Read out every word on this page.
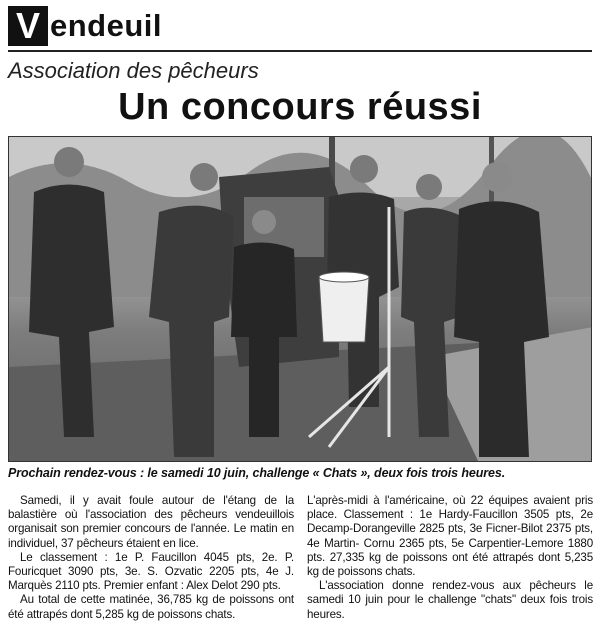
V endeuil
Association des pêcheurs
Un concours réussi
Prochain rendez-vous : le samedi 10 juin, challenge « Chats », deux fois trois heures.

Samedi, il y avait foule autour de l'étang de la balastière où l'association des pêcheurs vendeuillois organisait son premier concours de l'année. Le matin en individuel, 37 pêcheurs étaient en lice.

Le classement : 1e P. Faucillon 4045 pts, 2e. P. Fouricquet 3090 pts, 3e. S. Ozvatic 2205 pts, 4e J. Marquès 2110 pts. Premier enfant : Alex Delot 290 pts.

Au total de cette matinée, 36,785 kg de poissons ont été attrapés dont 5,285 kg de poissons chats.

L'après-midi à l'américaine, où 22 équipes avaient pris place. Classement : 1e Hardy-Faucillon 3505 pts, 2e Decamp-Dorangeville 2825 pts, 3e Ficner-Bilot 2375 pts, 4e Martin- Cornu 2365 pts, 5e Carpentier-Lemore 1880 pts. 27,335 kg de poissons ont été attrapés dont 5,235 kg de poissons chats.

L'association donne rendez-vous aux pêcheurs le samedi 10 juin pour le challenge "chats" deux fois trois heures.
